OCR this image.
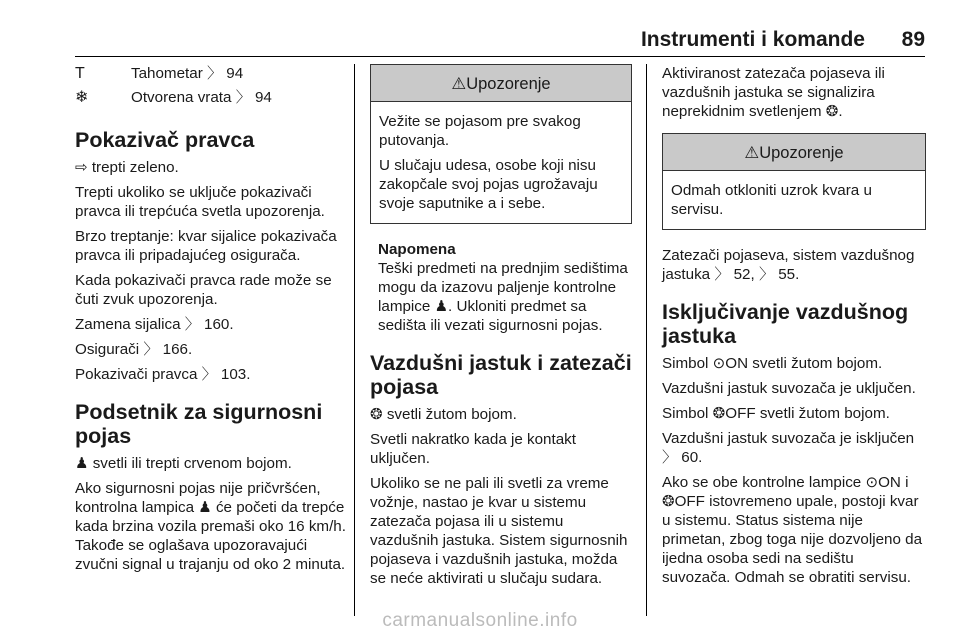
Instrumenti i komande 89
Т	Tahometar 〉 94
❄	Otvorena vrata 〉 94
Pokazivač pravca

⇨ trepti zeleno.

Trepti ukoliko se uključe pokazivači pravca ili trepćuća svetla upozorenja.

Brzo treptanje: kvar sijalice pokazivača pravca ili pripadajućeg osigurača.

Kada pokazivači pravca rade može se čuti zvuk upozorenja.

Zamena sijalica 〉 160.

Osigurači 〉 166.

Pokazivači pravca 〉 103.

Podsetnik za sigurnosni pojas

♟ svetli ili trepti crvenom bojom.

Ako sigurnosni pojas nije pričvršćen, kontrolna lampica ♟ će početi da trepće kada brzina vozila premaši oko 16 km/h. Takođe se oglašava upozoravajući zvučni signal u trajanju od oko 2 minuta.

⚠Upozorenje

Vežite se pojasom pre svakog putovanja.

U slučaju udesa, osobe koji nisu zakopčale svoj pojas ugrožavaju svoje saputnike a i sebe.

Napomena
Teški predmeti na prednjim sedištima mogu da izazovu paljenje kontrolne lampice ♟. Ukloniti predmet sa sedišta ili vezati sigurnosni pojas.
Vazdušni jastuk i zatezači pojasa

❂ svetli žutom bojom.

Svetli nakratko kada je kontakt uključen.

Ukoliko se ne pali ili svetli za vreme vožnje, nastao je kvar u sistemu zatezača pojasa ili u sistemu vazdušnih jastuka. Sistem sigurnosnih pojaseva i vazdušnih jastuka, možda se neće aktivirati u slučaju sudara.

Aktiviranost zatezača pojaseva ili vazdušnih jastuka se signalizira neprekidnim svetlenjem ❂.

⚠Upozorenje

Odmah otkloniti uzrok kvara u servisu.

Zatezači pojaseva, sistem vazdušnog jastuka 〉 52, 〉 55.

Isključivanje vazdušnog jastuka

Simbol ⊙ON svetli žutom bojom.

Vazdušni jastuk suvozača je uključen.

Simbol ❂OFF svetli žutom bojom.

Vazdušni jastuk suvozača je isključen 〉 60.

Ako se obe kontrolne lampice ⊙ON i ❂OFF istovremeno upale, postoji kvar u sistemu. Status sistema nije primetan, zbog toga nije dozvoljeno da ijedna osoba sedi na sedištu suvozača. Odmah se obratiti servisu.

carmanualsonline.info
